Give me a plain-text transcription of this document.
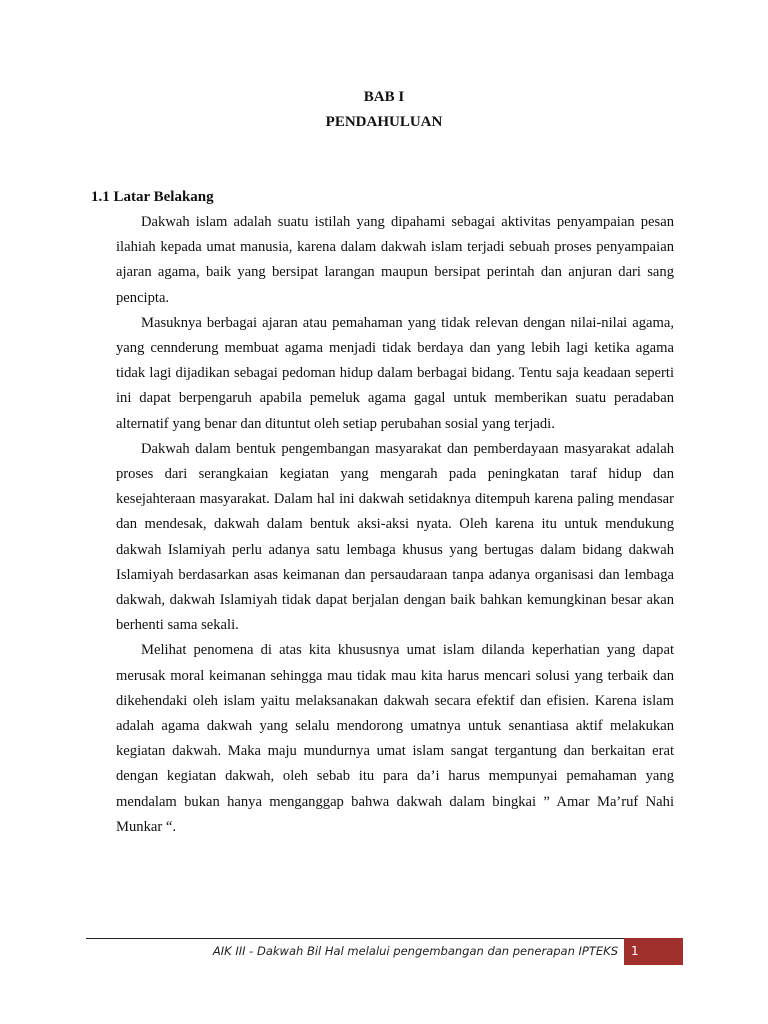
BAB I
PENDAHULUAN
1.1 Latar Belakang

Dakwah islam adalah suatu istilah yang dipahami sebagai aktivitas penyampaian pesan ilahiah kepada umat manusia, karena dalam dakwah islam terjadi sebuah proses penyampaian ajaran agama, baik yang bersipat larangan maupun bersipat perintah dan anjuran dari sang pencipta.

Masuknya berbagai ajaran atau pemahaman yang tidak relevan dengan nilai-nilai agama, yang cennderung membuat agama menjadi tidak berdaya dan yang lebih lagi ketika agama tidak lagi dijadikan sebagai pedoman hidup dalam berbagai bidang. Tentu saja keadaan seperti ini dapat berpengaruh apabila pemeluk agama gagal untuk memberikan suatu peradaban alternatif yang benar dan dituntut oleh setiap perubahan sosial yang terjadi.

Dakwah dalam bentuk pengembangan masyarakat dan pemberdayaan masyarakat adalah proses dari serangkaian kegiatan yang mengarah pada peningkatan taraf hidup dan kesejahteraan masyarakat. Dalam hal ini dakwah setidaknya ditempuh karena paling mendasar dan mendesak, dakwah dalam bentuk aksi-aksi nyata. Oleh karena itu untuk mendukung dakwah Islamiyah perlu adanya satu lembaga khusus yang bertugas dalam bidang dakwah Islamiyah berdasarkan asas keimanan dan persaudaraan tanpa adanya organisasi dan lembaga dakwah, dakwah Islamiyah tidak dapat berjalan dengan baik bahkan kemungkinan besar akan berhenti sama sekali.

Melihat penomena di atas kita khususnya umat islam dilanda keperhatian yang dapat merusak moral keimanan sehingga mau tidak mau kita harus mencari solusi yang terbaik dan dikehendaki oleh islam yaitu melaksanakan dakwah secara efektif dan efisien. Karena islam adalah agama dakwah yang selalu mendorong umatnya untuk senantiasa aktif melakukan kegiatan dakwah. Maka maju mundurnya umat islam sangat tergantung dan berkaitan erat dengan kegiatan dakwah, oleh sebab itu para da’i harus mempunyai pemahaman yang mendalam bukan hanya menganggap bahwa dakwah dalam bingkai ” Amar Ma’ruf Nahi Munkar “.

AIK III - Dakwah Bil Hal melalui pengembangan dan penerapan IPTEKS	1
